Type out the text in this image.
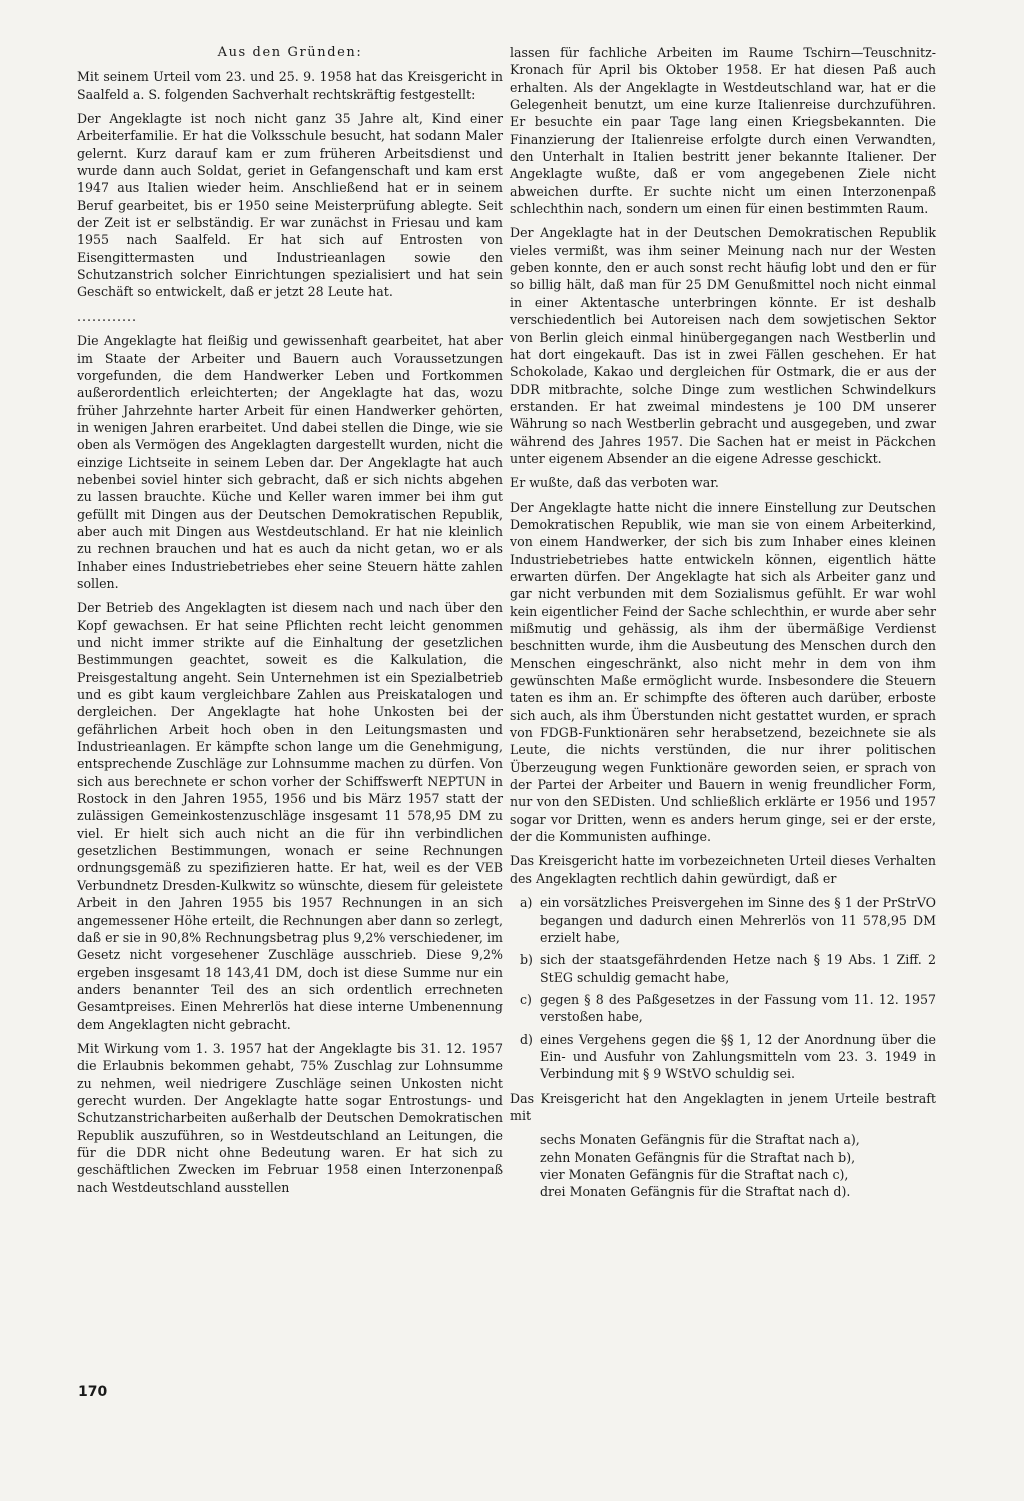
Aus den Gründen:

Mit seinem Urteil vom 23. und 25. 9. 1958 hat das Kreisgericht in Saalfeld a. S. folgenden Sachverhalt rechtskräftig festgestellt:

Der Angeklagte ist noch nicht ganz 35 Jahre alt, Kind einer Arbeiterfamilie. Er hat die Volksschule besucht, hat sodann Maler gelernt. Kurz darauf kam er zum früheren Arbeitsdienst und wurde dann auch Soldat, geriet in Gefangenschaft und kam erst 1947 aus Italien wieder heim. Anschließend hat er in seinem Beruf gearbeitet, bis er 1950 seine Meisterprüfung ablegte. Seit der Zeit ist er selbständig. Er war zunächst in Friesau und kam 1955 nach Saalfeld. Er hat sich auf Entrosten von Eisengittermasten und Industrieanlagen sowie den Schutzanstrich solcher Einrichtungen spezialisiert und hat sein Geschäft so entwickelt, daß er jetzt 28 Leute hat.

............

Die Angeklagte hat fleißig und gewissenhaft gearbeitet, hat aber im Staate der Arbeiter und Bauern auch Voraussetzungen vorgefunden, die dem Handwerker Leben und Fortkommen außerordentlich erleichterten; der Angeklagte hat das, wozu früher Jahrzehnte harter Arbeit für einen Handwerker gehörten, in wenigen Jahren erarbeitet. Und dabei stellen die Dinge, wie sie oben als Vermögen des Angeklagten dargestellt wurden, nicht die einzige Lichtseite in seinem Leben dar. Der Angeklagte hat auch nebenbei soviel hinter sich gebracht, daß er sich nichts abgehen zu lassen brauchte. Küche und Keller waren immer bei ihm gut gefüllt mit Dingen aus der Deutschen Demokratischen Republik, aber auch mit Dingen aus Westdeutschland. Er hat nie kleinlich zu rechnen brauchen und hat es auch da nicht getan, wo er als Inhaber eines Industriebetriebes eher seine Steuern hätte zahlen sollen.

Der Betrieb des Angeklagten ist diesem nach und nach über den Kopf gewachsen. Er hat seine Pflichten recht leicht genommen und nicht immer strikte auf die Einhaltung der gesetzlichen Bestimmungen geachtet, soweit es die Kalkulation, die Preisgestaltung angeht. Sein Unternehmen ist ein Spezialbetrieb und es gibt kaum vergleichbare Zahlen aus Preiskatalogen und dergleichen. Der Angeklagte hat hohe Unkosten bei der gefährlichen Arbeit hoch oben in den Leitungsmasten und Industrieanlagen. Er kämpfte schon lange um die Genehmigung, entsprechende Zuschläge zur Lohnsumme machen zu dürfen. Von sich aus berechnete er schon vorher der Schiffswerft NEPTUN in Rostock in den Jahren 1955, 1956 und bis März 1957 statt der zulässigen Gemeinkostenzuschläge insgesamt 11 578,95 DM zu viel. Er hielt sich auch nicht an die für ihn verbindlichen gesetzlichen Bestimmungen, wonach er seine Rechnungen ordnungsgemäß zu spezifizieren hatte. Er hat, weil es der VEB Verbundnetz Dresden-Kulkwitz so wünschte, diesem für geleistete Arbeit in den Jahren 1955 bis 1957 Rechnungen in an sich angemessener Höhe erteilt, die Rechnungen aber dann so zerlegt, daß er sie in 90,8% Rechnungsbetrag plus 9,2% verschiedener, im Gesetz nicht vorgesehener Zuschläge ausschrieb. Diese 9,2% ergeben insgesamt 18 143,41 DM, doch ist diese Summe nur ein anders benannter Teil des an sich ordentlich errechneten Gesamtpreises. Einen Mehrerlös hat diese interne Umbenennung dem Angeklagten nicht gebracht.

Mit Wirkung vom 1. 3. 1957 hat der Angeklagte bis 31. 12. 1957 die Erlaubnis bekommen gehabt, 75% Zuschlag zur Lohnsumme zu nehmen, weil niedrigere Zuschläge seinen Unkosten nicht gerecht wurden. Der Angeklagte hatte sogar Entrostungs- und Schutzanstricharbeiten außerhalb der Deutschen Demokratischen Republik auszuführen, so in Westdeutschland an Leitungen, die für die DDR nicht ohne Bedeutung waren. Er hat sich zu geschäftlichen Zwecken im Februar 1958 einen Interzonenpaß nach Westdeutschland ausstellen

lassen für fachliche Arbeiten im Raume Tschirn—Teuschnitz-Kronach für April bis Oktober 1958. Er hat diesen Paß auch erhalten. Als der Angeklagte in Westdeutschland war, hat er die Gelegenheit benutzt, um eine kurze Italienreise durchzuführen. Er besuchte ein paar Tage lang einen Kriegsbekannten. Die Finanzierung der Italienreise erfolgte durch einen Verwandten, den Unterhalt in Italien bestritt jener bekannte Italiener. Der Angeklagte wußte, daß er vom angegebenen Ziele nicht abweichen durfte. Er suchte nicht um einen Interzonenpaß schlechthin nach, sondern um einen für einen bestimmten Raum.

Der Angeklagte hat in der Deutschen Demokratischen Republik vieles vermißt, was ihm seiner Meinung nach nur der Westen geben konnte, den er auch sonst recht häufig lobt und den er für so billig hält, daß man für 25 DM Genußmittel noch nicht einmal in einer Aktentasche unterbringen könnte. Er ist deshalb verschiedentlich bei Autoreisen nach dem sowjetischen Sektor von Berlin gleich einmal hinübergegangen nach Westberlin und hat dort eingekauft. Das ist in zwei Fällen geschehen. Er hat Schokolade, Kakao und dergleichen für Ostmark, die er aus der DDR mitbrachte, solche Dinge zum westlichen Schwindelkurs erstanden. Er hat zweimal mindestens je 100 DM unserer Währung so nach Westberlin gebracht und ausgegeben, und zwar während des Jahres 1957. Die Sachen hat er meist in Päckchen unter eigenem Absender an die eigene Adresse geschickt.

Er wußte, daß das verboten war.

Der Angeklagte hatte nicht die innere Einstellung zur Deutschen Demokratischen Republik, wie man sie von einem Arbeiterkind, von einem Handwerker, der sich bis zum Inhaber eines kleinen Industriebetriebes hatte entwickeln können, eigentlich hätte erwarten dürfen. Der Angeklagte hat sich als Arbeiter ganz und gar nicht verbunden mit dem Sozialismus gefühlt. Er war wohl kein eigentlicher Feind der Sache schlechthin, er wurde aber sehr mißmutig und gehässig, als ihm der übermäßige Verdienst beschnitten wurde, ihm die Ausbeutung des Menschen durch den Menschen eingeschränkt, also nicht mehr in dem von ihm gewünschten Maße ermöglicht wurde. Insbesondere die Steuern taten es ihm an. Er schimpfte des öfteren auch darüber, erboste sich auch, als ihm Überstunden nicht gestattet wurden, er sprach von FDGB-Funktionären sehr herabsetzend, bezeichnete sie als Leute, die nichts verstünden, die nur ihrer politischen Überzeugung wegen Funktionäre geworden seien, er sprach von der Partei der Arbeiter und Bauern in wenig freundlicher Form, nur von den SEDisten. Und schließlich erklärte er 1956 und 1957 sogar vor Dritten, wenn es anders herum ginge, sei er der erste, der die Kommunisten aufhinge.

Das Kreisgericht hatte im vorbezeichneten Urteil dieses Verhalten des Angeklagten rechtlich dahin gewürdigt, daß er

a) ein vorsätzliches Preisvergehen im Sinne des § 1 der PrStrVO begangen und dadurch einen Mehrerlös von 11 578,95 DM erzielt habe,
b) sich der staatsgefährdenden Hetze nach § 19 Abs. 1 Ziff. 2 StEG schuldig gemacht habe,
c) gegen § 8 des Paßgesetzes in der Fassung vom 11. 12. 1957 verstoßen habe,
d) eines Vergehens gegen die §§ 1, 12 der Anordnung über die Ein- und Ausfuhr von Zahlungsmitteln vom 23. 3. 1949 in Verbindung mit § 9 WStVO schuldig sei.

Das Kreisgericht hat den Angeklagten in jenem Urteile bestraft mit

sechs Monaten Gefängnis für die Straftat nach a),
zehn Monaten Gefängnis für die Straftat nach b),
vier Monaten Gefängnis für die Straftat nach c),
drei Monaten Gefängnis für die Straftat nach d).
170
